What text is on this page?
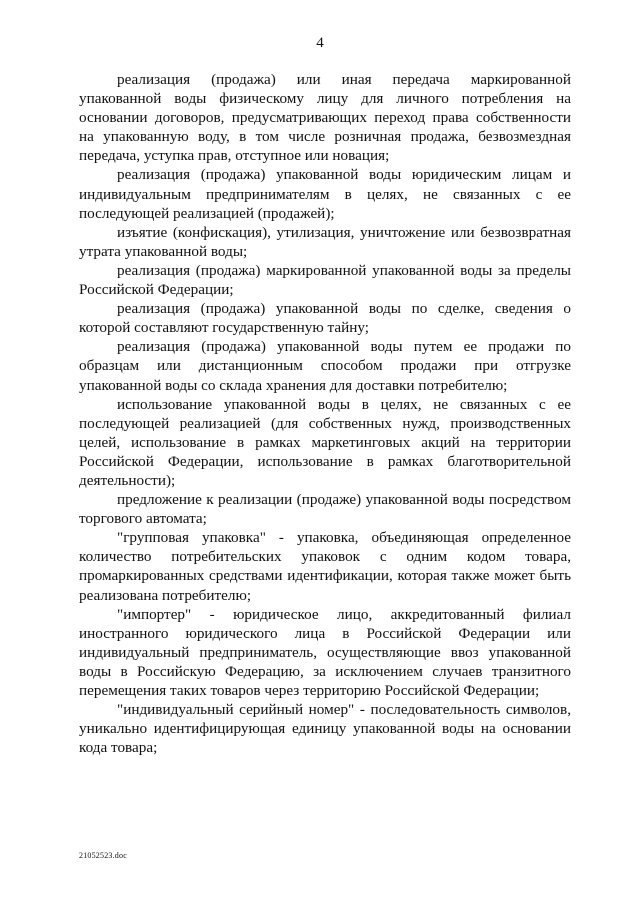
4

реализация (продажа) или иная передача маркированной упакованной воды физическому лицу для личного потребления на основании договоров, предусматривающих переход права собственности на упакованную воду, в том числе розничная продажа, безвозмездная передача, уступка прав, отступное или новация;

реализация (продажа) упакованной воды юридическим лицам и индивидуальным предпринимателям в целях, не связанных с ее последующей реализацией (продажей);

изъятие (конфискация), утилизация, уничтожение или безвозвратная утрата упакованной воды;

реализация (продажа) маркированной упакованной воды за пределы Российской Федерации;

реализация (продажа) упакованной воды по сделке, сведения о которой составляют государственную тайну;

реализация (продажа) упакованной воды путем ее продажи по образцам или дистанционным способом продажи при отгрузке упакованной воды со склада хранения для доставки потребителю;

использование упакованной воды в целях, не связанных с ее последующей реализацией (для собственных нужд, производственных целей, использование в рамках маркетинговых акций на территории Российской Федерации, использование в рамках благотворительной деятельности);

предложение к реализации (продаже) упакованной воды посредством торгового автомата;

"групповая упаковка" - упаковка, объединяющая определенное количество потребительских упаковок с одним кодом товара, промаркированных средствами идентификации, которая также может быть реализована потребителю;

"импортер" - юридическое лицо, аккредитованный филиал иностранного юридического лица в Российской Федерации или индивидуальный предприниматель, осуществляющие ввоз упакованной воды в Российскую Федерацию, за исключением случаев транзитного перемещения таких товаров через территорию Российской Федерации;

"индивидуальный серийный номер" - последовательность символов, уникально идентифицирующая единицу упакованной воды на основании кода товара;

21052523.doc
